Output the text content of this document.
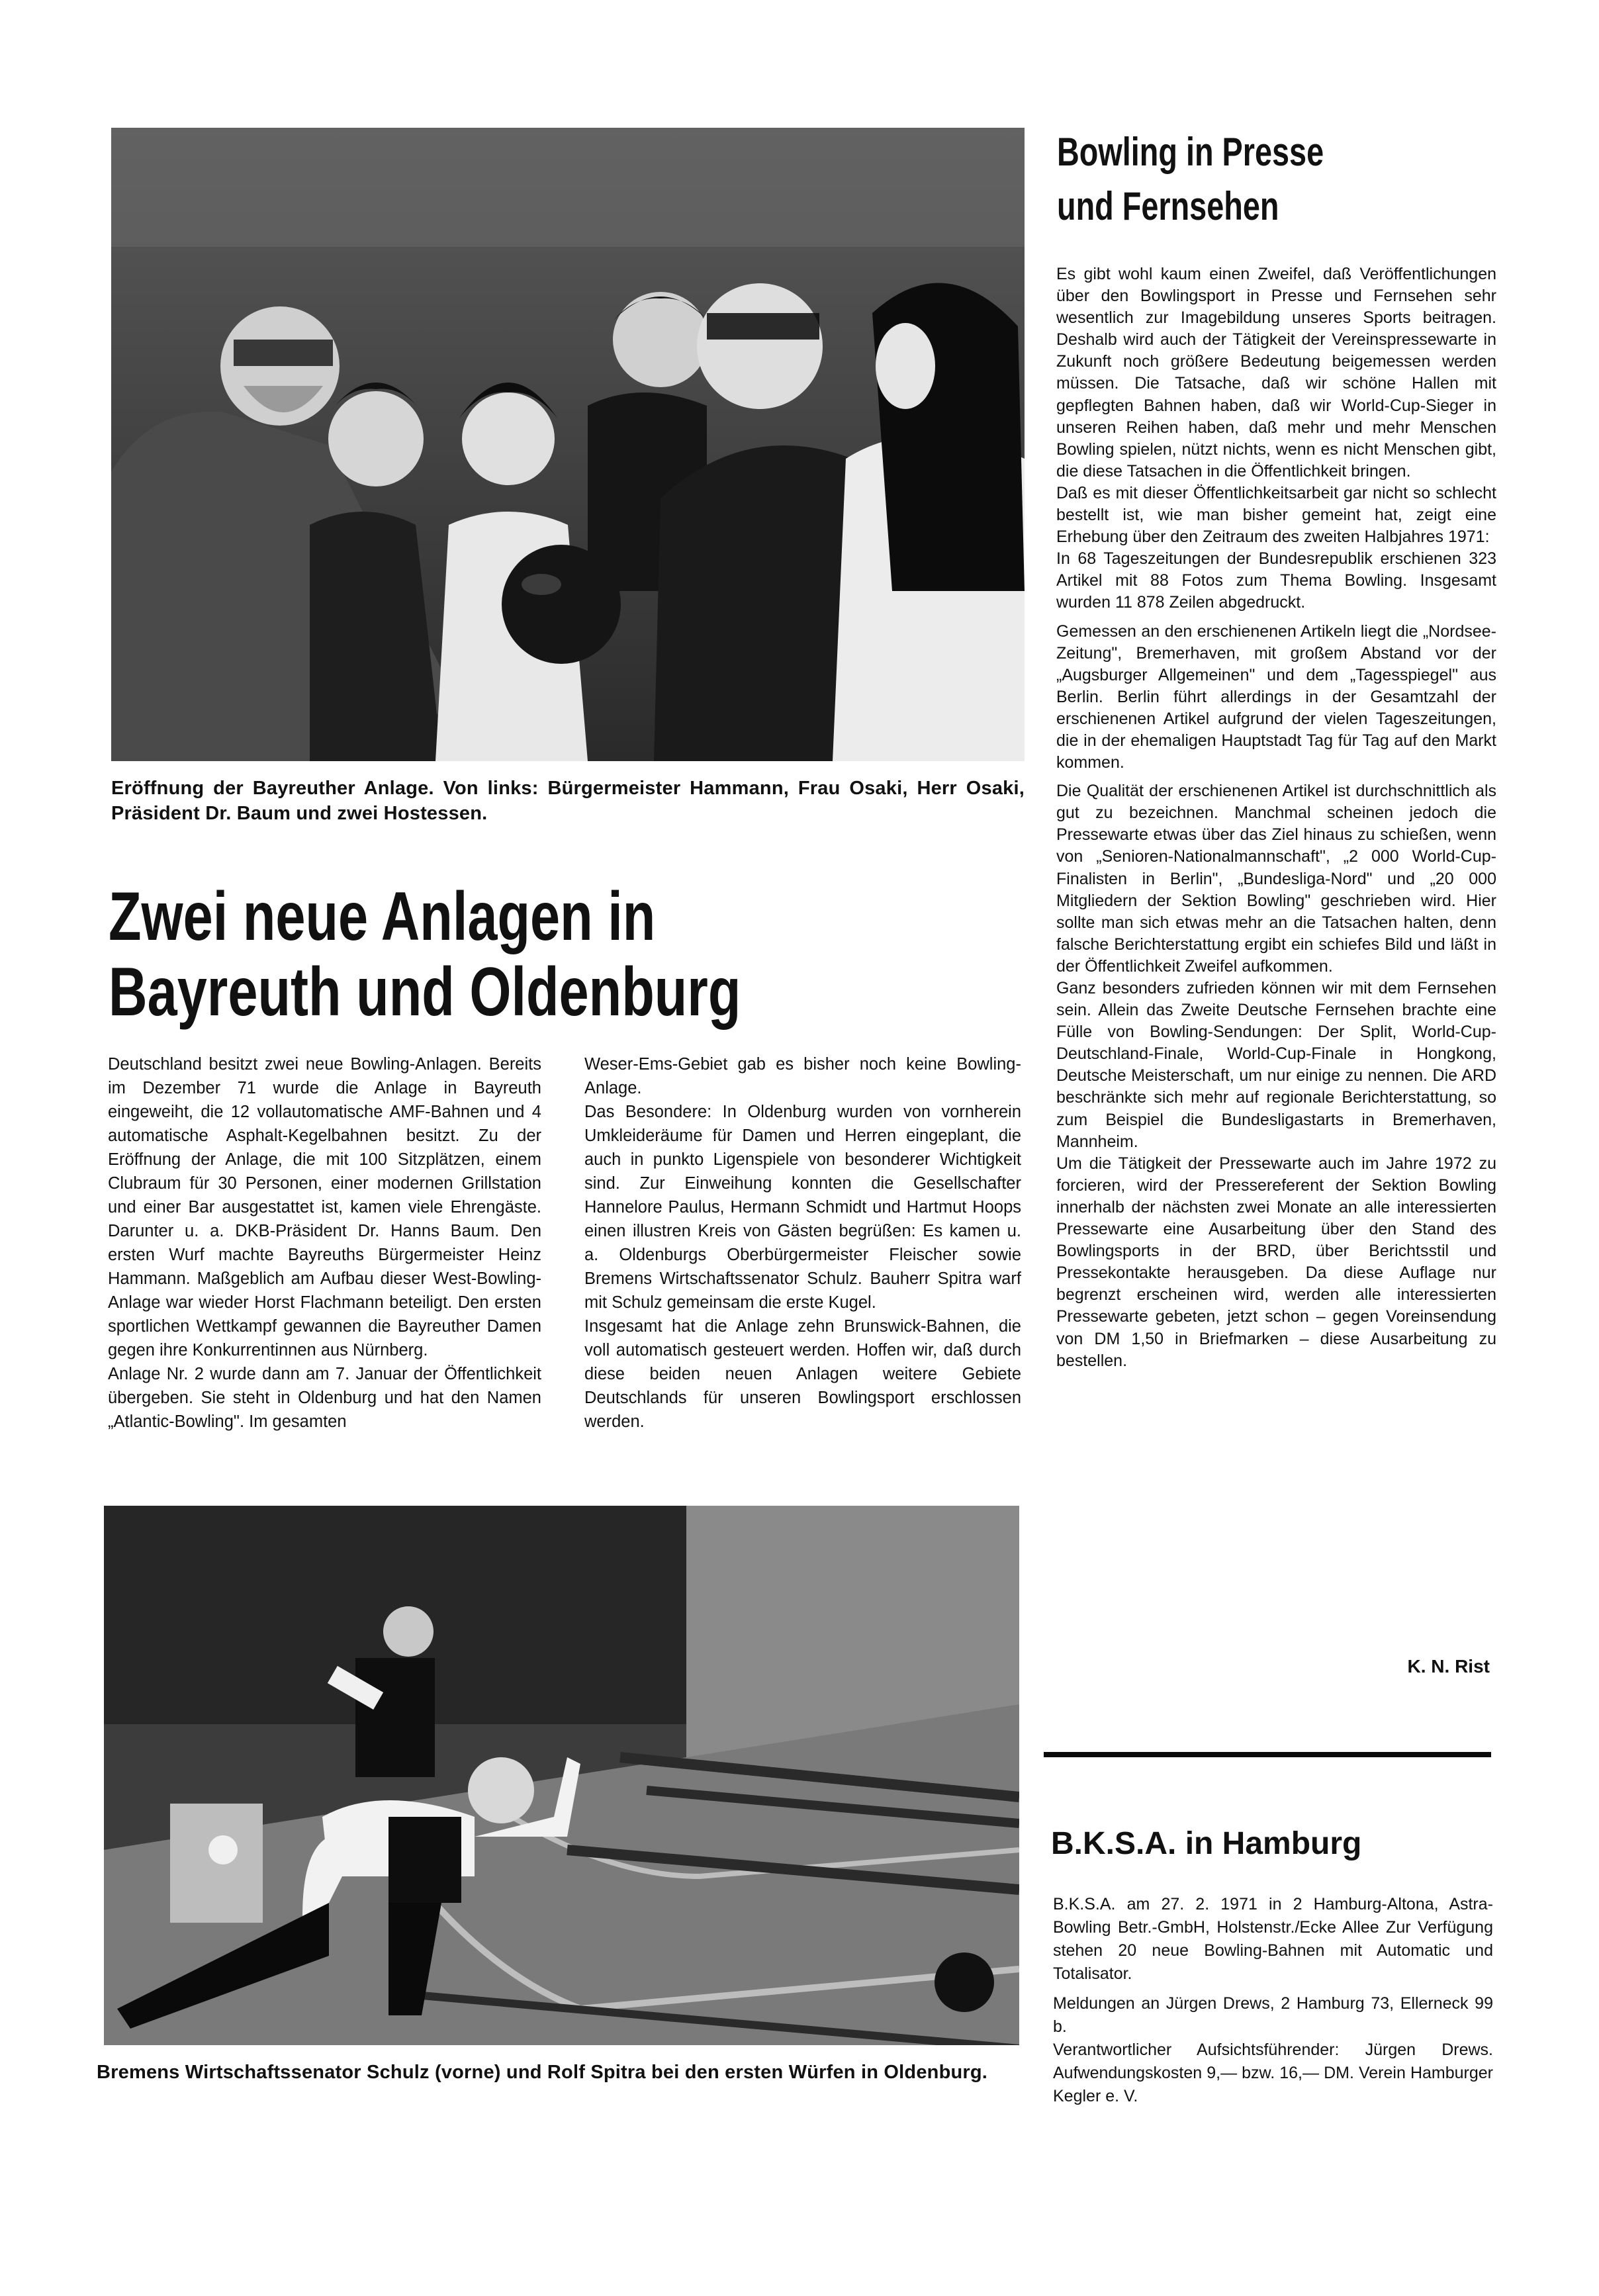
Eröffnung der Bayreuther Anlage. Von links: Bürgermeister Hammann, Frau Osaki, Herr Osaki, Präsident Dr. Baum und zwei Hostessen.
Zwei neue Anlagen in
Bayreuth und Oldenburg

Deutschland besitzt zwei neue Bowling-Anlagen. Bereits im Dezember 71 wurde die Anlage in Bayreuth eingeweiht, die 12 vollautomatische AMF-Bahnen und 4 automatische Asphalt-Kegelbahnen besitzt. Zu der Eröffnung der Anlage, die mit 100 Sitzplätzen, einem Clubraum für 30 Personen, einer modernen Grillstation und einer Bar ausgestattet ist, kamen viele Ehrengäste. Darunter u. a. DKB-Präsident Dr. Hanns Baum. Den ersten Wurf machte Bayreuths Bürgermeister Heinz Hammann. Maßgeblich am Aufbau dieser West-Bowling-Anlage war wieder Horst Flachmann beteiligt. Den ersten sportlichen Wettkampf gewannen die Bayreuther Damen gegen ihre Konkurrentinnen aus Nürnberg.

Anlage Nr. 2 wurde dann am 7. Januar der Öffentlichkeit übergeben. Sie steht in Oldenburg und hat den Namen „Atlantic-Bowling". Im gesamten

Weser-Ems-Gebiet gab es bisher noch keine Bowling-Anlage.

Das Besondere: In Oldenburg wurden von vornherein Umkleideräume für Damen und Herren eingeplant, die auch in punkto Ligenspiele von besonderer Wichtigkeit sind. Zur Einweihung konnten die Gesellschafter Hannelore Paulus, Hermann Schmidt und Hartmut Hoops einen illustren Kreis von Gästen begrüßen: Es kamen u. a. Oldenburgs Oberbürgermeister Fleischer sowie Bremens Wirtschaftssenator Schulz. Bauherr Spitra warf mit Schulz gemeinsam die erste Kugel.

Insgesamt hat die Anlage zehn Brunswick-Bahnen, die voll automatisch gesteuert werden. Hoffen wir, daß durch diese beiden neuen Anlagen weitere Gebiete Deutschlands für unseren Bowlingsport erschlossen werden.

Bremens Wirtschaftssenator Schulz (vorne) und Rolf Spitra bei den ersten Würfen in Oldenburg.
Bowling in Presse
und Fernsehen

Es gibt wohl kaum einen Zweifel, daß Veröffentlichungen über den Bowlingsport in Presse und Fernsehen sehr wesentlich zur Imagebildung unseres Sports beitragen. Deshalb wird auch der Tätigkeit der Vereinspressewarte in Zukunft noch größere Bedeutung beigemessen werden müssen. Die Tatsache, daß wir schöne Hallen mit gepflegten Bahnen haben, daß wir World-Cup-Sieger in unseren Reihen haben, daß mehr und mehr Menschen Bowling spielen, nützt nichts, wenn es nicht Menschen gibt, die diese Tatsachen in die Öffentlichkeit bringen.

Daß es mit dieser Öffentlichkeitsarbeit gar nicht so schlecht bestellt ist, wie man bisher gemeint hat, zeigt eine Erhebung über den Zeitraum des zweiten Halbjahres 1971:

In 68 Tageszeitungen der Bundesrepublik erschienen 323 Artikel mit 88 Fotos zum Thema Bowling. Insgesamt wurden 11 878 Zeilen abgedruckt.

Gemessen an den erschienenen Artikeln liegt die „Nordsee-Zeitung", Bremerhaven, mit großem Abstand vor der „Augsburger Allgemeinen" und dem „Tagesspiegel" aus Berlin. Berlin führt allerdings in der Gesamtzahl der erschienenen Artikel aufgrund der vielen Tageszeitungen, die in der ehemaligen Hauptstadt Tag für Tag auf den Markt kommen.

Die Qualität der erschienenen Artikel ist durchschnittlich als gut zu bezeichnen. Manchmal scheinen jedoch die Pressewarte etwas über das Ziel hinaus zu schießen, wenn von „Senioren-Nationalmannschaft", „2 000 World-Cup-Finalisten in Berlin", „Bundesliga-Nord" und „20 000 Mitgliedern der Sektion Bowling" geschrieben wird. Hier sollte man sich etwas mehr an die Tatsachen halten, denn falsche Berichterstattung ergibt ein schiefes Bild und läßt in der Öffentlichkeit Zweifel aufkommen.

Ganz besonders zufrieden können wir mit dem Fernsehen sein. Allein das Zweite Deutsche Fernsehen brachte eine Fülle von Bowling-Sendungen: Der Split, World-Cup-Deutschland-Finale, World-Cup-Finale in Hongkong, Deutsche Meisterschaft, um nur einige zu nennen. Die ARD beschränkte sich mehr auf regionale Berichterstattung, so zum Beispiel die Bundesligastarts in Bremerhaven, Mannheim.

Um die Tätigkeit der Pressewarte auch im Jahre 1972 zu forcieren, wird der Pressereferent der Sektion Bowling innerhalb der nächsten zwei Monate an alle interessierten Pressewarte eine Ausarbeitung über den Stand des Bowlingsports in der BRD, über Berichtsstil und Pressekontakte herausgeben. Da diese Auflage nur begrenzt erscheinen wird, werden alle interessierten Pressewarte gebeten, jetzt schon – gegen Voreinsendung von DM 1,50 in Briefmarken – diese Ausarbeitung zu bestellen.

K. N. Rist
B.K.S.A. in Hamburg

B.K.S.A. am 27. 2. 1971 in 2 Hamburg-Altona, Astra-Bowling Betr.-GmbH, Holstenstr./Ecke Allee Zur Verfügung stehen 20 neue Bowling-Bahnen mit Automatic und Totalisator.

Meldungen an Jürgen Drews, 2 Hamburg 73, Ellerneck 99 b.

Verantwortlicher Aufsichtsführender: Jürgen Drews. Aufwendungskosten 9,— bzw. 16,— DM. Verein Hamburger Kegler e. V.
